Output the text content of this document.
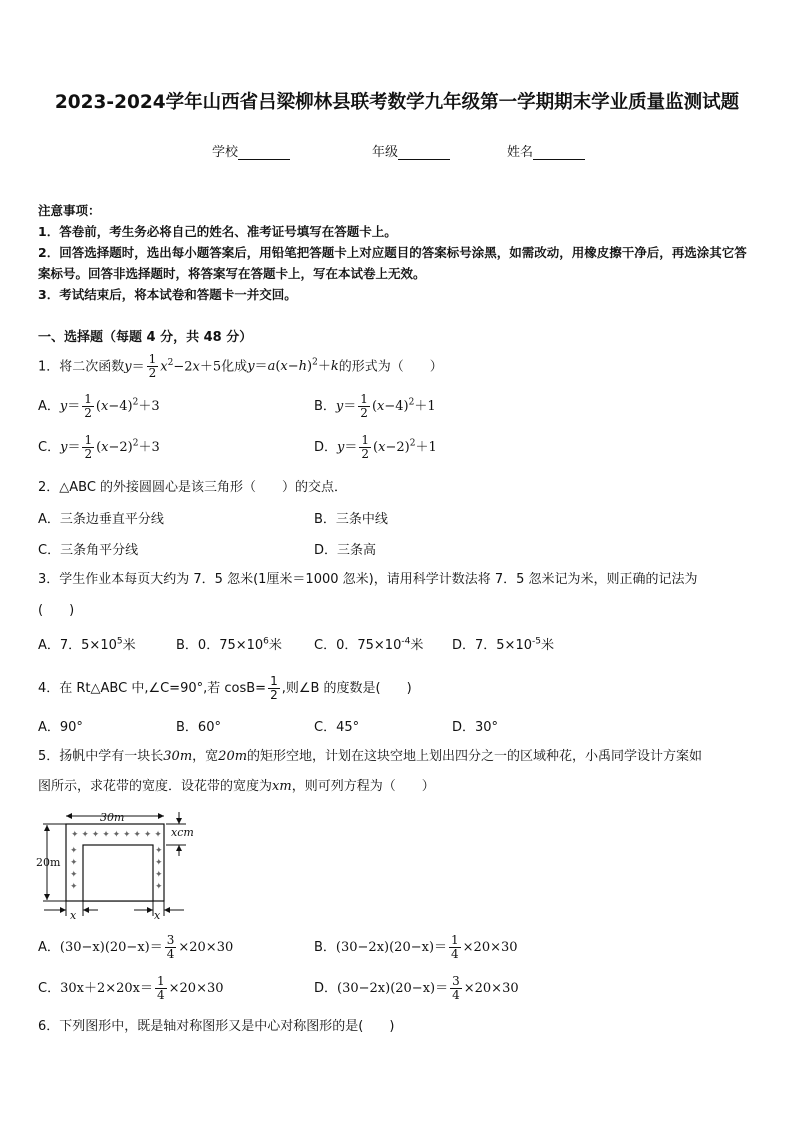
2023-2024学年山西省吕梁柳林县联考数学九年级第一学期期末学业质量监测试题
学校	年级	姓名
注意事项：
1．答卷前，考生务必将自己的姓名、准考证号填写在答题卡上。
2．回答选择题时，选出每小题答案后，用铅笔把答题卡上对应题目的答案标号涂黑，如需改动，用橡皮擦干净后，再选涂其它答案标号。回答非选择题时，将答案写在答题卡上，写在本试卷上无效。
3．考试结束后，将本试卷和答题卡一并交回。
一、选择题（每题 4 分，共 48 分）
1．将二次函数$y= \frac{1}{2} x^2-2x+5$化成$y=a(x-h)^2+k$的形式为（　　）
A．$y= \frac{1}{2} (x-4)^2+3$	B．$y= \frac{1}{2} (x-4)^2+1$
C．$y= \frac{1}{2} (x-2)^2+3$	D．$y= \frac{1}{2} (x-2)^2+1$
2．△ABC 的外接圆圆心是该三角形（　　）的交点．
A．三条边垂直平分线	B．三条中线
C．三条角平分线	D．三条高
3．学生作业本每页大约为 7．5 忽米(1厘米＝1000 忽米)，请用科学计数法将 7．5 忽米记为米，则正确的记法为
(　　)
A．7．$5\times 10^5$米	B．0．$75\times 10^6$米 C．0．$75\times 10^{-4}$米 D．7．$5\times 10^{-5}$米
4．在 Rt△ABC 中,∠C=90°,若 $\cos B= \frac{1}{2}$ ,则∠B 的度数是(　　)
A．90°	B．60°	C．45°	D．30°
5．扬帆中学有一块长30m，宽20m的矩形空地，计划在这块空地上划出四分之一的区域种花，小禹同学设计方案如
图所示，求花带的宽度．设花带的宽度为xm，则可列方程为（　　）
30m
20m
✦ ✦ ✦ ✦ ✦ ✦ ✦ ✦ ✦
✦
✦
✦
✦
✦
✦
✦
✦
xcm
x	x
A．$(30-x)(20-x)= \frac{3}{4} \times 20\times 30$	B．$(30-2x)(20-x)= \frac{1}{4} \times 20\times 30$
C．$30x+2\times 20x= \frac{1}{4} \times 20\times 30$	D．$(30-2x)(20-x)= \frac{3}{4} \times 20\times 30$
6．下列图形中，既是轴对称图形又是中心对称图形的是(　　)
